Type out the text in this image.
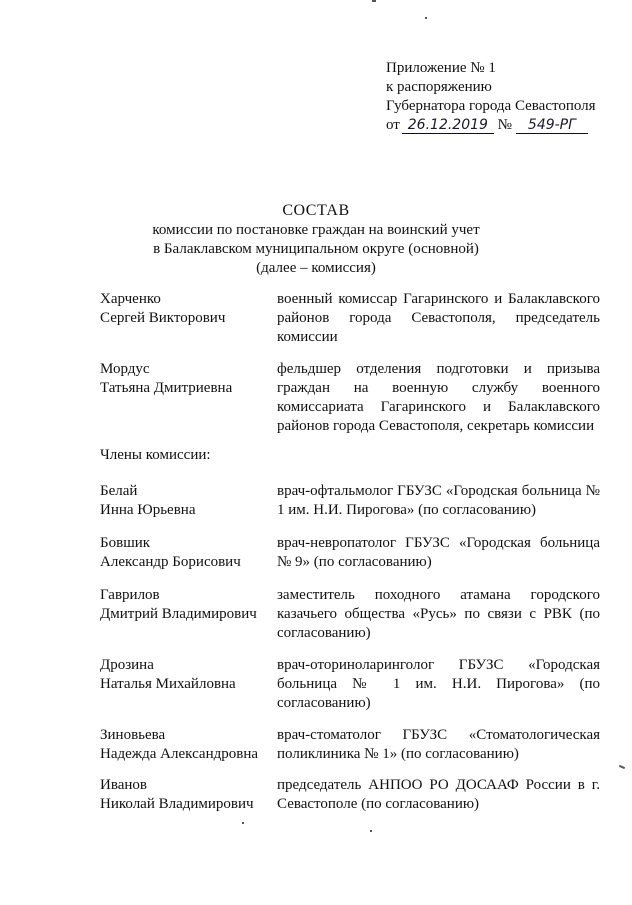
Приложение № 1
к распоряжению
Губернатора города Севастополя
от 26.12.2019 № 549-РГ
СОСТАВ
комиссии по постановке граждан на воинский учет
в Балаклавском муниципальном округе (основной)
(далее – комиссия)
Харченко
Сергей Викторович
военный комиссар Гагаринского и Балаклавского районов города Севастополя, председатель комиссии
Мордус
Татьяна Дмитриевна
фельдшер отделения подготовки и призыва граждан на военную службу военного комиссариата Гагаринского и Балаклавского районов города Севастополя, секретарь комиссии
Члены комиссии:
Белай
Инна Юрьевна
врач-офтальмолог ГБУЗС «Городская больница № 1 им. Н.И. Пирогова» (по согласованию)
Бовшик
Александр Борисович
врач-невропатолог ГБУЗС «Городская больница № 9» (по согласованию)
Гаврилов
Дмитрий Владимирович
заместитель походного атамана городского казачьего общества «Русь» по связи с РВК (по согласованию)
Дрозина
Наталья Михайловна
врач-оториноларинголог ГБУЗС «Городская больница № 1 им. Н.И. Пирогова» (по согласованию)
Зиновьева
Надежда Александровна
врач-стоматолог ГБУЗС «Стоматологическая поликлиника № 1» (по согласованию)
Иванов
Николай Владимирович
председатель АНПОО РО ДОСААФ России в г. Севастополе (по согласованию)
